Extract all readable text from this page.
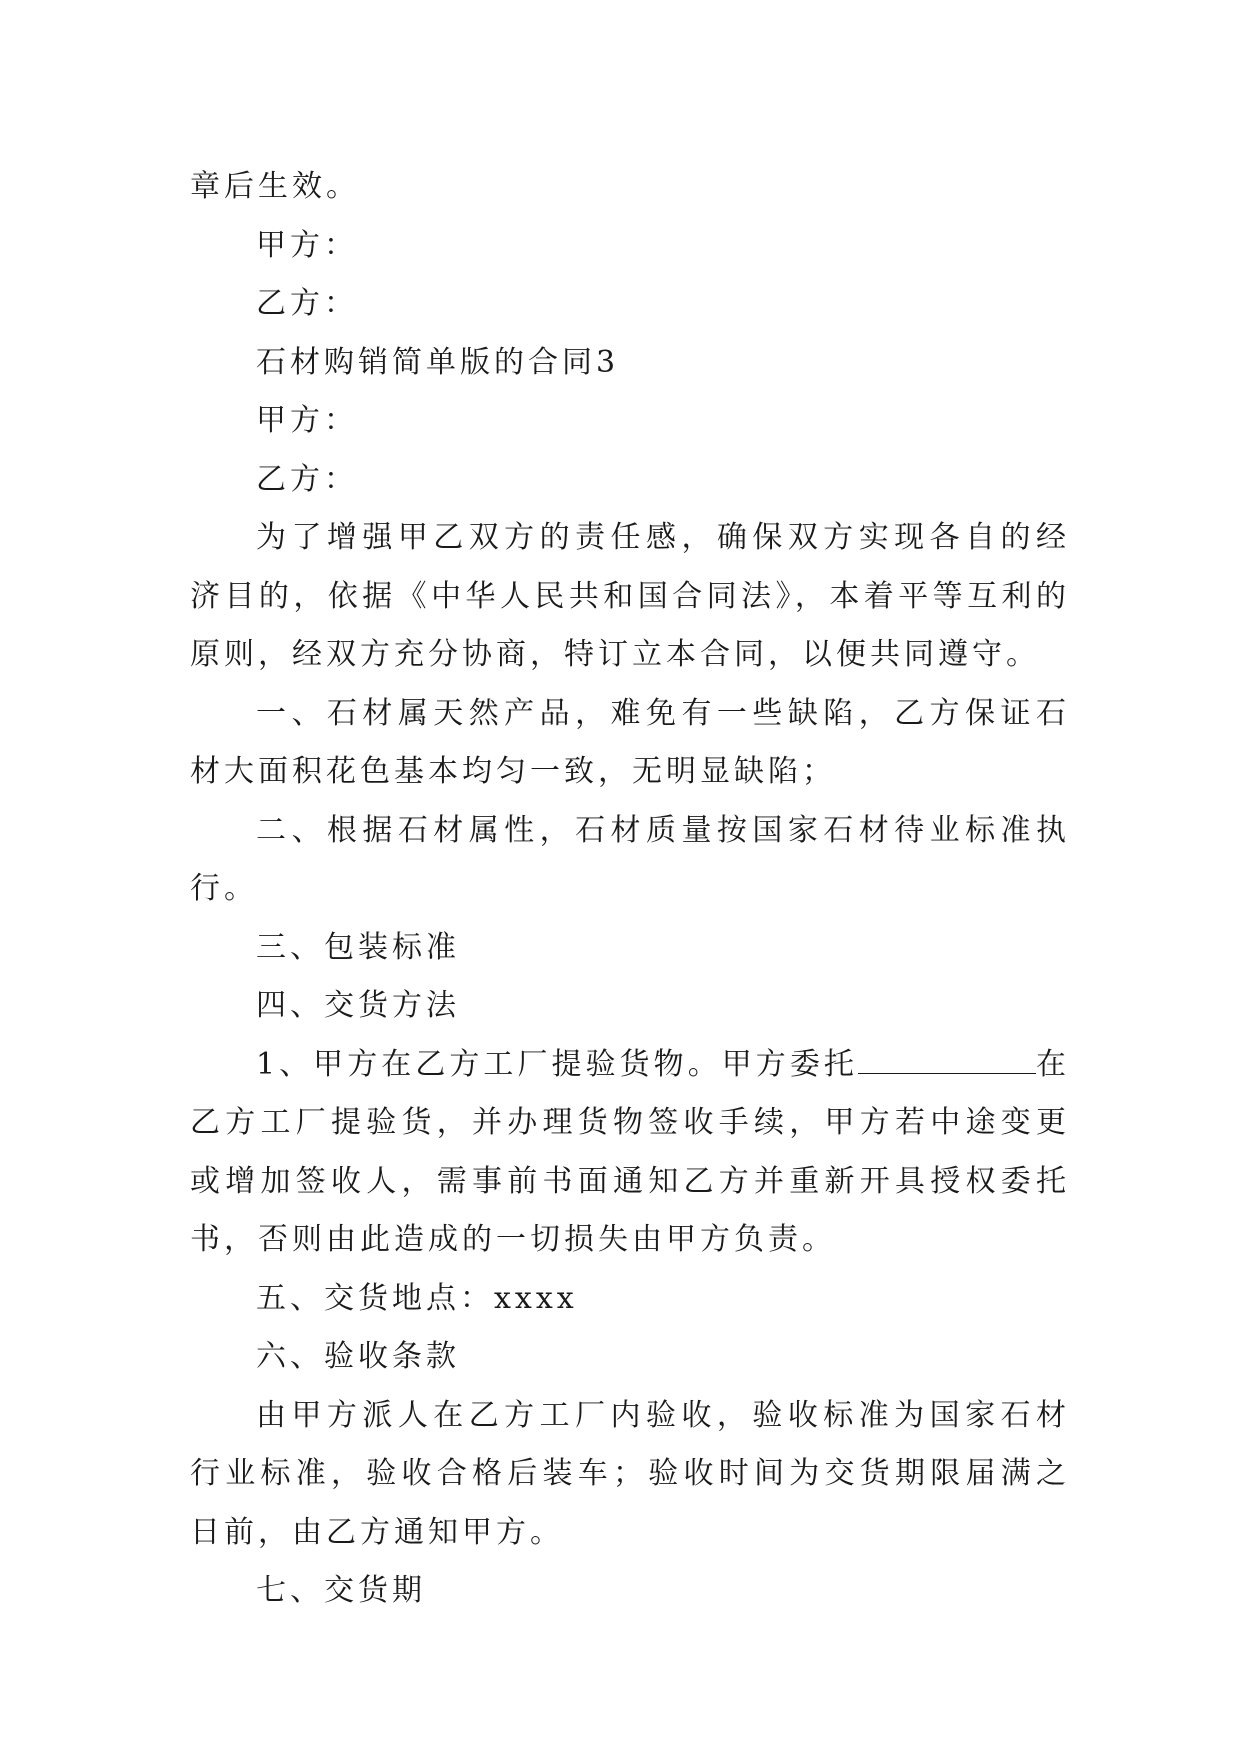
章后生效。

甲方：

乙方：

石材购销简单版的合同3

甲方：

乙方：

为了增强甲乙双方的责任感，确保双方实现各自的经济目的，依据《中华人民共和国合同法》，本着平等互利的原则，经双方充分协商，特订立本合同，以便共同遵守。

一、石材属天然产品，难免有一些缺陷，乙方保证石材大面积花色基本均匀一致，无明显缺陷；

二、根据石材属性，石材质量按国家石材待业标准执行。

三、包装标准

四、交货方法

1、甲方在乙方工厂提验货物。甲方委托	在乙方工厂提验货，并办理货物签收手续，甲方若中途变更或增加签收人，需事前书面通知乙方并重新开具授权委托书，否则由此造成的一切损失由甲方负责。

五、交货地点：xxxx

六、验收条款

由甲方派人在乙方工厂内验收，验收标准为国家石材行业标准，验收合格后装车；验收时间为交货期限届满之日前，由乙方通知甲方。

七、交货期
